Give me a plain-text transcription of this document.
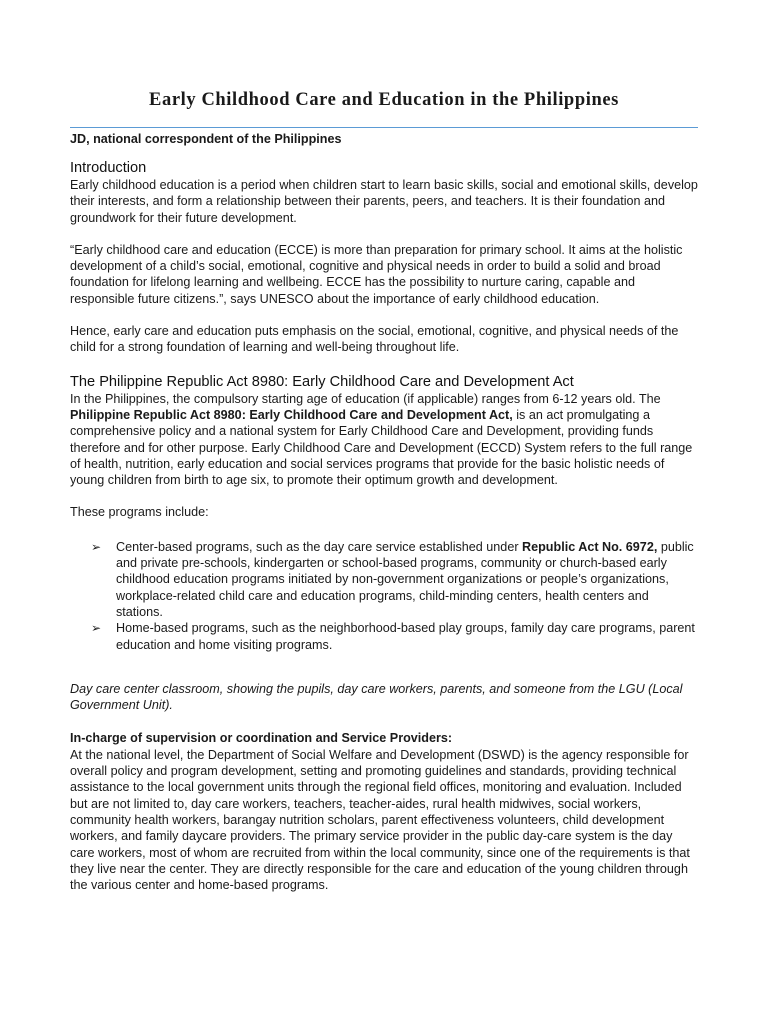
Early Childhood Care and Education in the Philippines

JD, national correspondent of the Philippines

Introduction

Early childhood education is a period when children start to learn basic skills, social and emotional skills, develop their interests, and form a relationship between their parents, peers, and teachers. It is their foundation and groundwork for their future development.

“Early childhood care and education (ECCE) is more than preparation for primary school. It aims at the holistic development of a child’s social, emotional, cognitive and physical needs in order to build a solid and broad foundation for lifelong learning and wellbeing. ECCE has the possibility to nurture caring, capable and responsible future citizens.”, says UNESCO about the importance of early childhood education.

Hence, early care and education puts emphasis on the social, emotional, cognitive, and physical needs of the child for a strong foundation of learning and well-being throughout life.

The Philippine Republic Act 8980: Early Childhood Care and Development Act

In the Philippines, the compulsory starting age of education (if applicable) ranges from 6-12 years old. The Philippine Republic Act 8980: Early Childhood Care and Development Act, is an act promulgating a comprehensive policy and a national system for Early Childhood Care and Development, providing funds therefore and for other purpose. Early Childhood Care and Development (ECCD) System refers to the full range of health, nutrition, early education and social services programs that provide for the basic holistic needs of young children from birth to age six, to promote their optimum growth and development.

These programs include:

➢ Center-based programs, such as the day care service established under Republic Act No. 6972, public and private pre-schools, kindergarten or school-based programs, community or church-based early childhood education programs initiated by non-government organizations or people’s organizations, workplace-related child care and education programs, child-minding centers, health centers and stations.
➢ Home-based programs, such as the neighborhood-based play groups, family day care programs, parent education and home visiting programs.

Day care center classroom, showing the pupils, day care workers, parents, and someone from the LGU (Local Government Unit).

In-charge of supervision or coordination and Service Providers:

At the national level, the Department of Social Welfare and Development (DSWD) is the agency responsible for overall policy and program development, setting and promoting guidelines and standards, providing technical assistance to the local government units through the regional field offices, monitoring and evaluation. Included but are not limited to, day care workers, teachers, teacher-aides, rural health midwives, social workers, community health workers, barangay nutrition scholars, parent effectiveness volunteers, child development workers, and family daycare providers. The primary service provider in the public day-care system is the day care workers, most of whom are recruited from within the local community, since one of the requirements is that they live near the center. They are directly responsible for the care and education of the young children through the various center and home-based programs.
